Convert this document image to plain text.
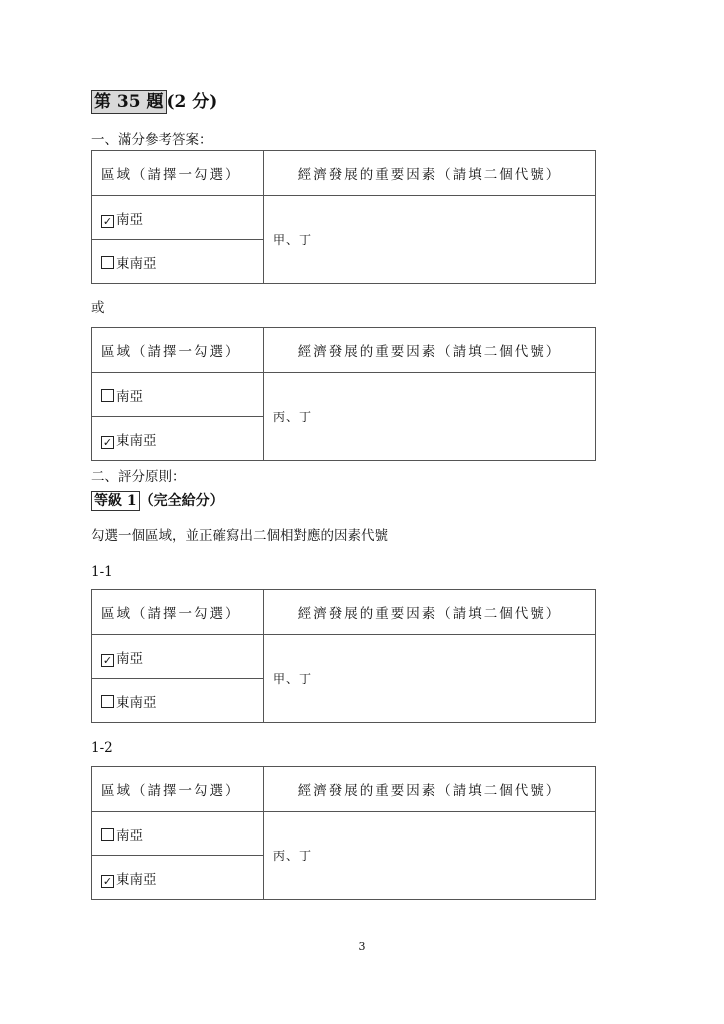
第 35 題 (2 分)
一、滿分參考答案：
區域（請擇一勾選）	經濟發展的重要因素（請填二個代號）
✓ 南亞	甲、丁
東南亞	
或
區域（請擇一勾選）	經濟發展的重要因素（請填二個代號）
南亞	丙、丁
✓ 東南亞	
二、評分原則：
等級 1 （完全給分）
勾選一個區域，並正確寫出二個相對應的因素代號
1-1
區域（請擇一勾選）	經濟發展的重要因素（請填二個代號）
✓ 南亞	甲、丁
東南亞	
1-2
區域（請擇一勾選）	經濟發展的重要因素（請填二個代號）
南亞	丙、丁
✓ 東南亞	
3
